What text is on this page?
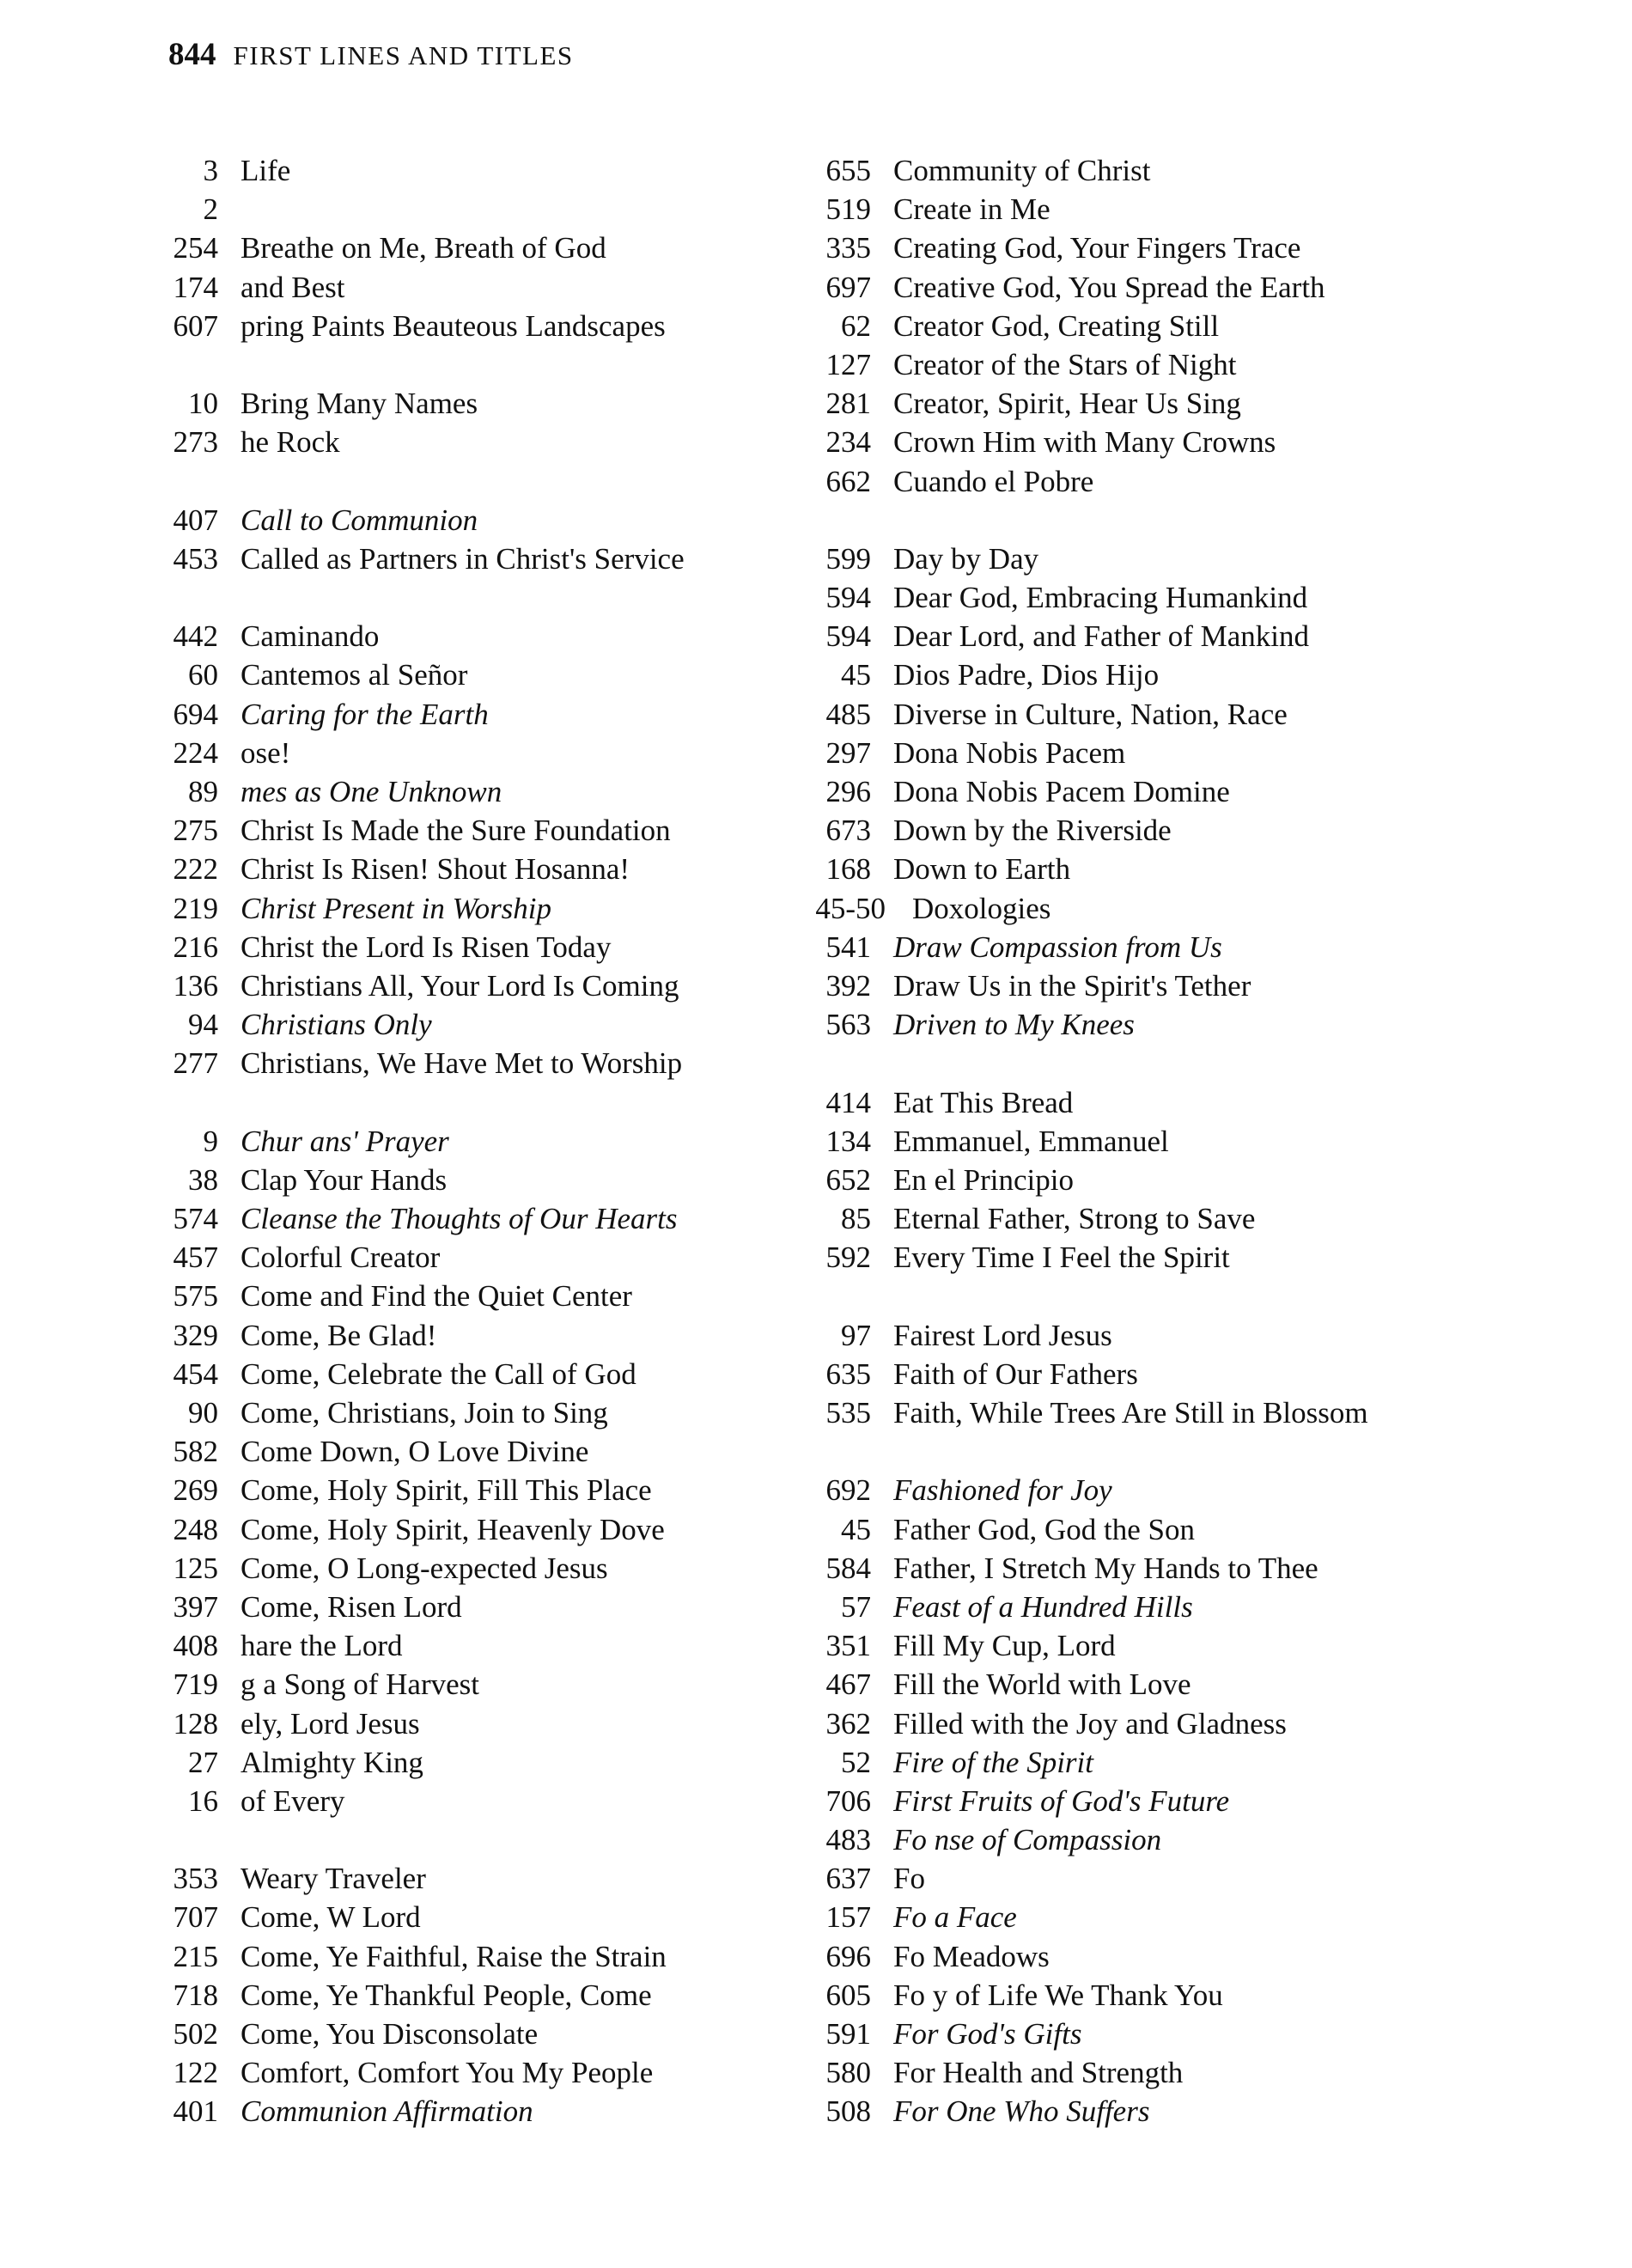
844 FIRST LINES AND TITLES
3 Life
2
254 Breathe on Me, Breath of God
174 and Best
607 pring Paints Beauteous Landscapes
10 Bring Many Names
273 he Rock
407 Call to Communion
453 Called as Partners in Christ's Service
442 Caminando
60 Cantemos al Señor
694 Caring for the Earth
224 ose!
89 mes as One Unknown
275 Christ Is Made the Sure Foundation
222 Christ Is Risen! Shout Hosanna!
219 Christ Present in Worship
216 Christ the Lord Is Risen Today
136 Christians All, Your Lord Is Coming
94 Christians Only
277 Christians, We Have Met to Worship
9 Chur ans' Prayer
38 Clap Your Hands
574 Cleanse the Thoughts of Our Hearts
457 Colorful Creator
575 Come and Find the Quiet Center
329 Come, Be Glad!
454 Come, Celebrate the Call of God
90 Come, Christians, Join to Sing
582 Come Down, O Love Divine
269 Come, Holy Spirit, Fill This Place
248 Come, Holy Spirit, Heavenly Dove
125 Come, O Long-expected Jesus
397 Come, Risen Lord
408 hare the Lord
719 g a Song of Harvest
128 ely, Lord Jesus
27 Almighty King
16 of Every
353 Weary Traveler
707 Come, W Lord
215 Come, Ye Faithful, Raise the Strain
718 Come, Ye Thankful People, Come
502 Come, You Disconsolate
122 Comfort, Comfort You My People
401 Communion Affirmation
655 Community of Christ
519 Create in Me
335 Creating God, Your Fingers Trace
697 Creative God, You Spread the Earth
62 Creator God, Creating Still
127 Creator of the Stars of Night
281 Creator, Spirit, Hear Us Sing
234 Crown Him with Many Crowns
662 Cuando el Pobre
599 Day by Day
594 Dear God, Embracing Humankind
594 Dear Lord, and Father of Mankind
45 Dios Padre, Dios Hijo
485 Diverse in Culture, Nation, Race
297 Dona Nobis Pacem
296 Dona Nobis Pacem Domine
673 Down by the Riverside
168 Down to Earth
45-50 Doxologies
541 Draw Compassion from Us
392 Draw Us in the Spirit's Tether
563 Driven to My Knees
414 Eat This Bread
134 Emmanuel, Emmanuel
652 En el Principio
85 Eternal Father, Strong to Save
592 Every Time I Feel the Spirit
97 Fairest Lord Jesus
635 Faith of Our Fathers
535 Faith, While Trees Are Still in Blossom
692 Fashioned for Joy
45 Father God, God the Son
584 Father, I Stretch My Hands to Thee
57 Feast of a Hundred Hills
351 Fill My Cup, Lord
467 Fill the World with Love
362 Filled with the Joy and Gladness
52 Fire of the Spirit
706 First Fruits of God's Future
483 Fo nse of Compassion
637 Fo
157 Fo a Face
696 Fo Meadows
605 Fo y of Life We Thank You
591 For God's Gifts
580 For Health and Strength
508 For One Who Suffers
